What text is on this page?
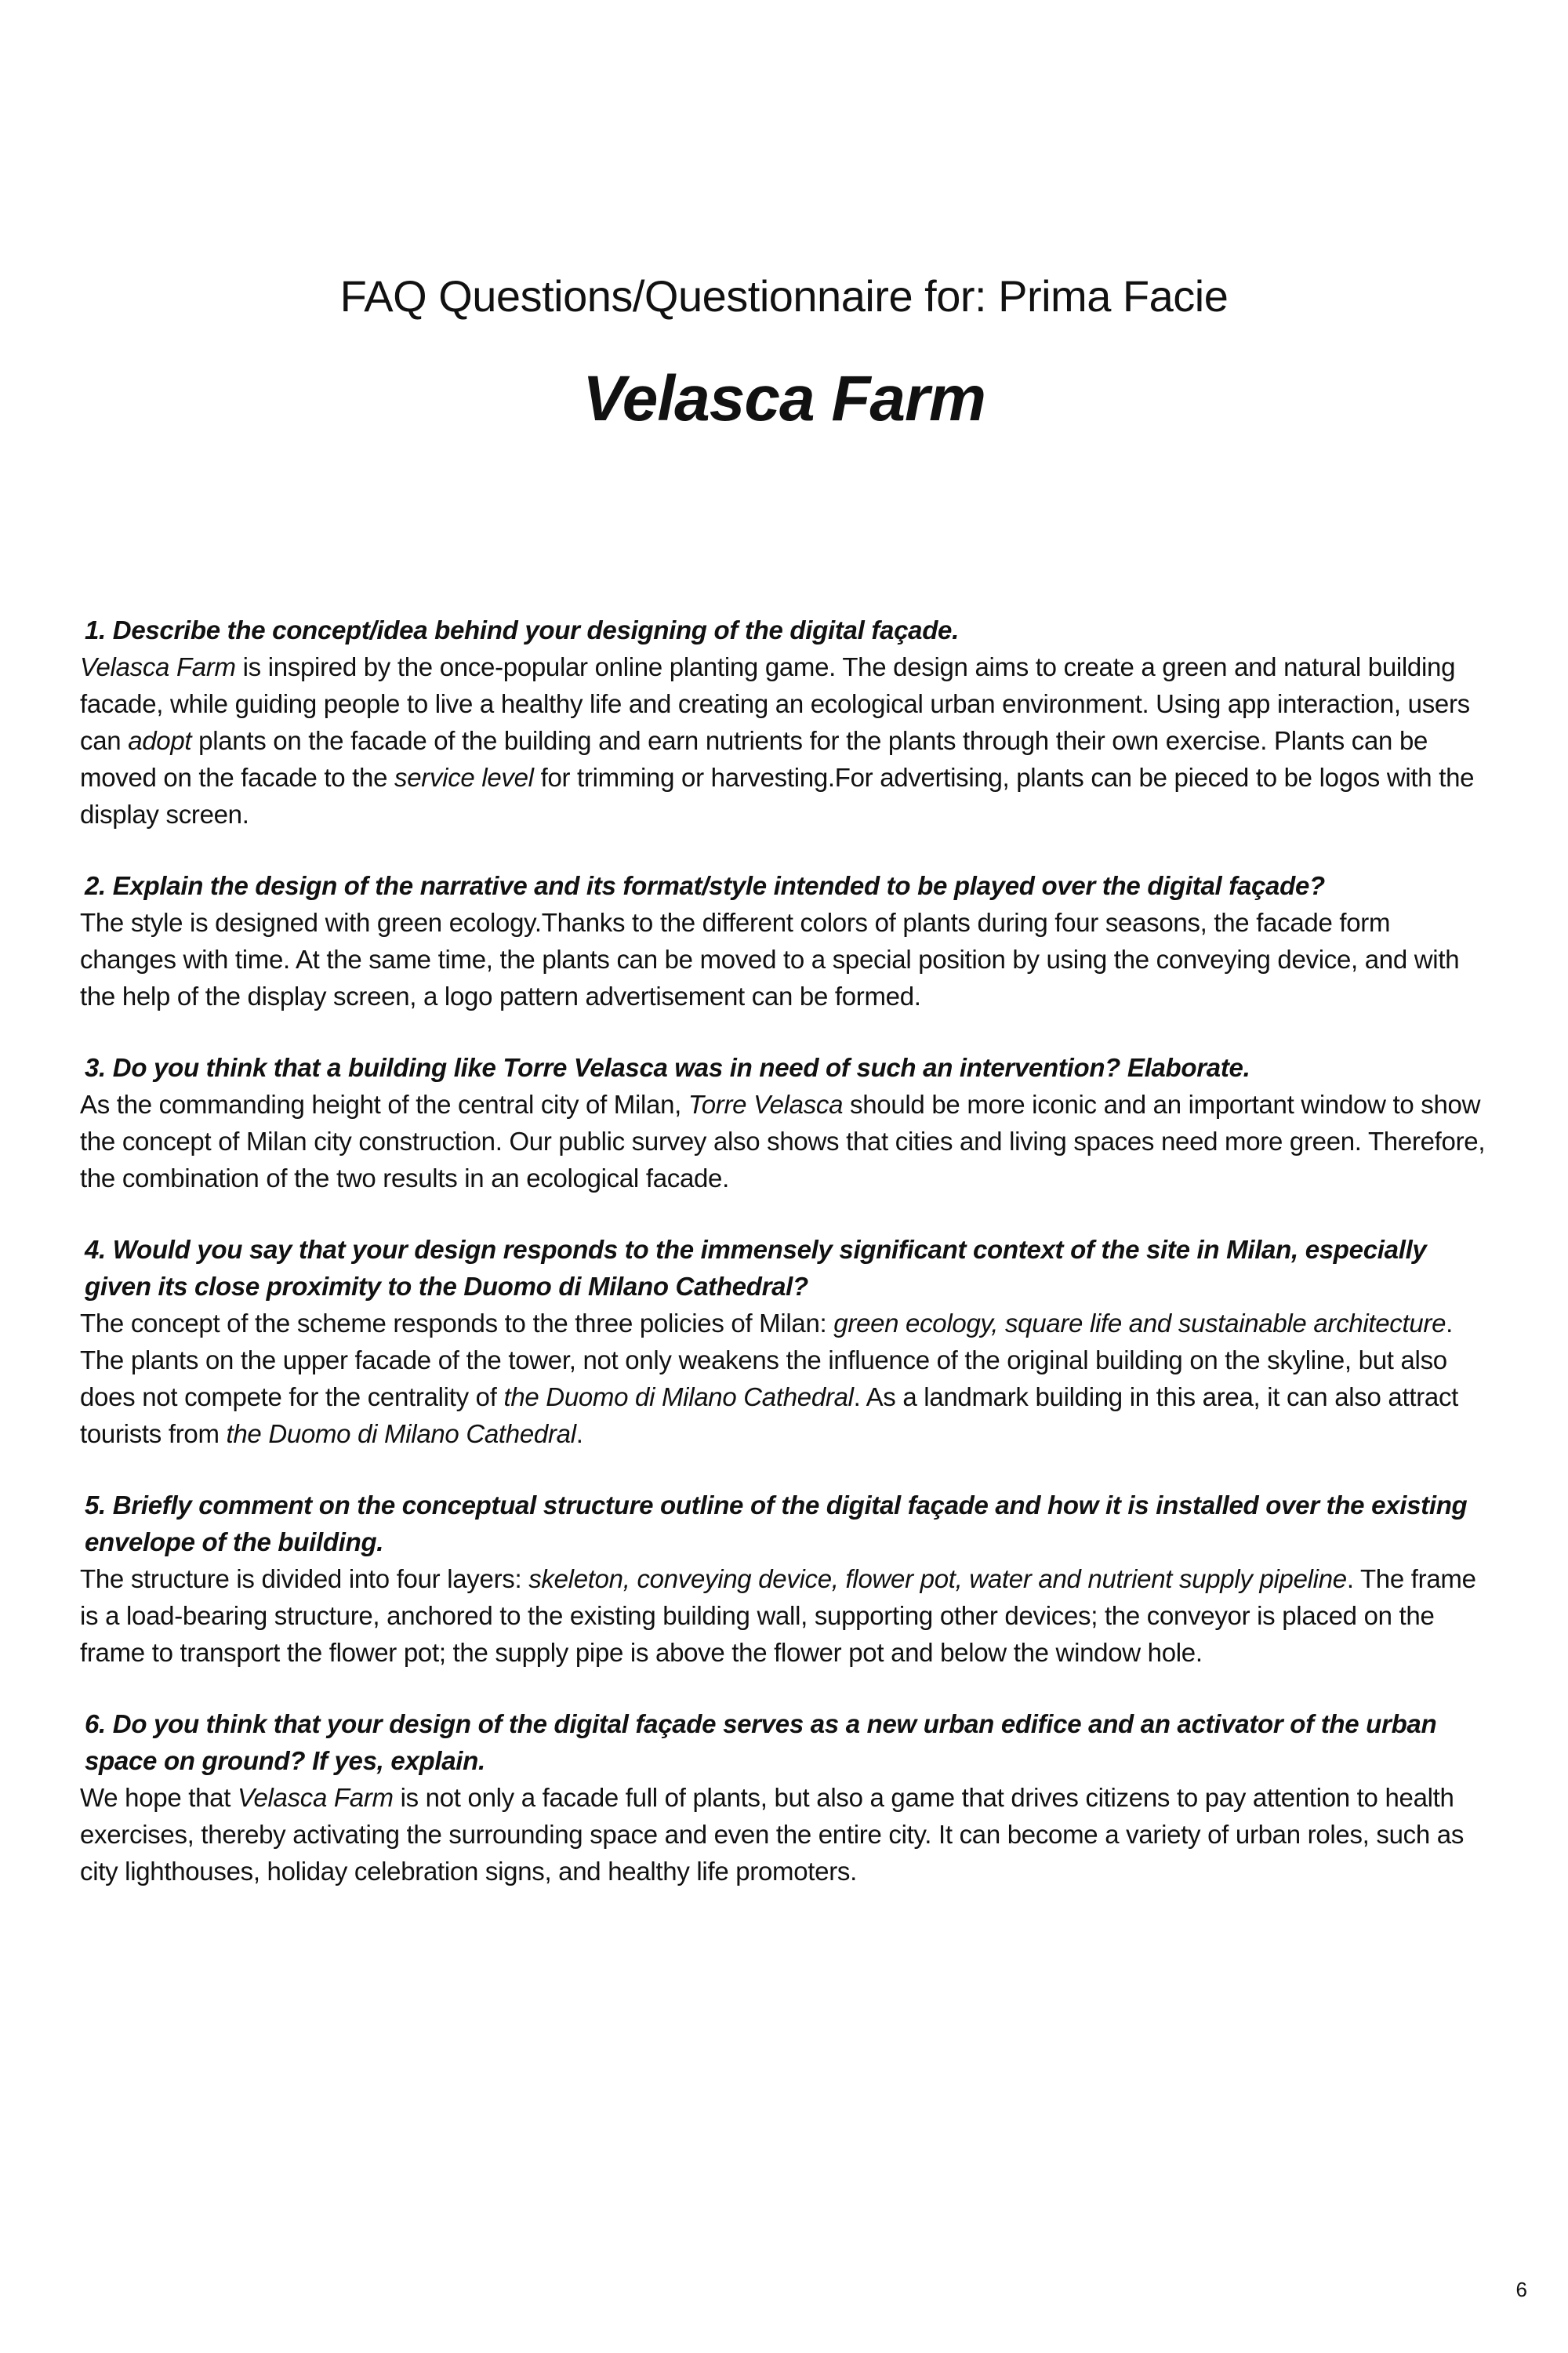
FAQ Questions/Questionnaire for: Prima Facie
Velasca Farm

1. Describe the concept/idea behind your designing of the digital façade.

Velasca Farm is inspired by the once-popular online planting game. The design aims to create a green and natural building facade, while guiding people to live a healthy life and creating an ecological urban environment. Using app interaction, users can adopt plants on the facade of the building and earn nutrients for the plants through their own exercise. Plants can be moved on the facade to the service level for trimming or harvesting.For advertising, plants can be pieced to be logos with the display screen.

2. Explain the design of the narrative and its format/style intended to be played over the digital façade?

The style is designed with green ecology.Thanks to the different colors of plants during four seasons, the facade form changes with time. At the same time, the plants can be moved to a special position by using the conveying device, and with the help of the display screen, a logo pattern advertisement can be formed.

3. Do you think that a building like Torre Velasca was in need of such an intervention? Elaborate.

As the commanding height of the central city of Milan, Torre Velasca should be more iconic and an important window to show the concept of Milan city construction. Our public survey also shows that cities and living spaces need more green. Therefore, the combination of the two results in an ecological facade.

4. Would you say that your design responds to the immensely significant context of the site in Milan, especially given its close proximity to the Duomo di Milano Cathedral?

The concept of the scheme responds to the three policies of Milan: green ecology, square life and sustainable architecture. The plants on the upper facade of the tower, not only weakens the influence of the original building on the skyline, but also does not compete for the centrality of the Duomo di Milano Cathedral. As a landmark building in this area, it can also attract tourists from the Duomo di Milano Cathedral.

5. Briefly comment on the conceptual structure outline of the digital façade and how it is installed over the existing envelope of the building.

The structure is divided into four layers: skeleton, conveying device, flower pot, water and nutrient supply pipeline. The frame is a load-bearing structure, anchored to the existing building wall, supporting other devices; the conveyor is placed on the frame to transport the flower pot; the supply pipe is above the flower pot and below the window hole.

6. Do you think that your design of the digital façade serves as a new urban edifice and an activator of the urban space on ground? If yes, explain.

We hope that Velasca Farm is not only a facade full of plants, but also a game that drives citizens to pay attention to health exercises, thereby activating the surrounding space and even the entire city. It can become a variety of urban roles, such as city lighthouses, holiday celebration signs, and healthy life promoters.

6
